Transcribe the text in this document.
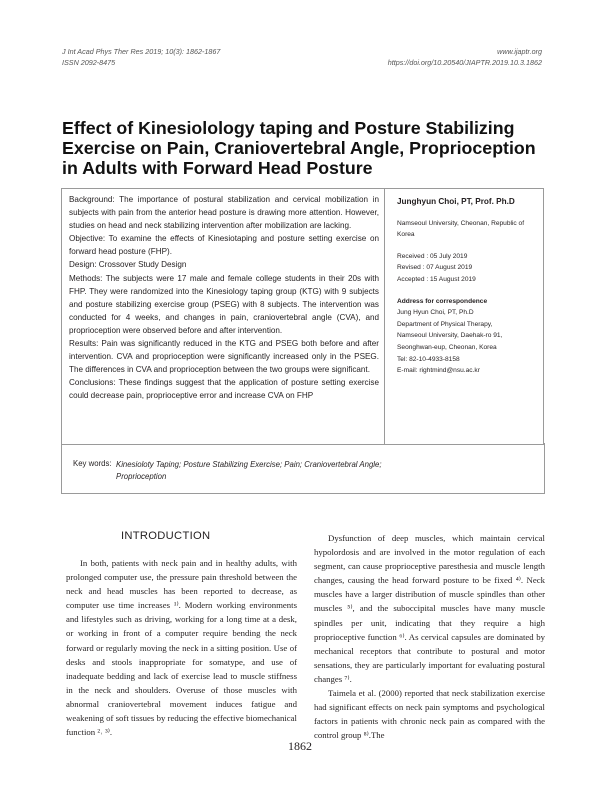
J Int Acad Phys Ther Res 2019; 10(3): 1862-1867
ISSN 2092-8475
www.ijaptr.org
https://doi.org/10.20540/JIAPTR.2019.10.3.1862
Effect of Kinesiolology taping and Posture Stabilizing Exercise on Pain, Craniovertebral Angle, Proprioception in Adults with Forward Head Posture

Background: The importance of postural stabilization and cervical mobilization in subjects with pain from the anterior head posture is drawing more attention. However, studies on head and neck stabilizing intervention after mobilization are lacking.

Objective: To examine the effects of Kinesiotaping and posture setting exercise on forward head posture (FHP).

Design: Crossover Study Design

Methods: The subjects were 17 male and female college students in their 20s with FHP. They were randomized into the Kinesiology taping group (KTG) with 9 subjects and posture stabilizing exercise group (PSEG) with 8 subjects. The intervention was conducted for 4 weeks, and changes in pain, craniovertebral angle (CVA), and proprioception were observed before and after intervention.

Results: Pain was significantly reduced in the KTG and PSEG both before and after intervention. CVA and proprioception were significantly increased only in the PSEG. The differences in CVA and proprioception between the two groups were significant.

Conclusions: These findings suggest that the application of posture setting exercise could decrease pain, proprioceptive error and increase CVA on FHP

Junghyun Choi, PT, Prof. Ph.D
Namseoul University, Cheonan, Republic of Korea
Received : 05 July 2019
Revised : 07 August 2019
Accepted : 15 August 2019
Address for correspondence
Jung Hyun Choi, PT, Ph.D
Department of Physical Therapy,
Namseoul University, Daehak-ro 91,
Seonghwan-eup, Cheonan, Korea
Tel: 82-10-4933-8158
E-mail: rightmind@nsu.ac.kr
Key words: Kinesioloty Taping; Posture Stabilizing Exercise; Pain; Craniovertebral Angle; Proprioception
INTRODUCTION

In both, patients with neck pain and in healthy adults, with prolonged computer use, the pressure pain threshold between the neck and head muscles has been reported to decrease, as computer use time increases ¹⁾. Modern working environments and lifestyles such as driving, working for a long time at a desk, or working in front of a computer require bending the neck forward or regularly moving the neck in a sitting position. Use of desks and stools inappropriate for somatype, and use of inadequate bedding and lack of exercise lead to muscle stiffness in the neck and shoulders. Overuse of those muscles with abnormal craniovertebral movement induces fatigue and weakening of soft tissues by reducing the effective biomechanical function ²˒ ³⁾.

Dysfunction of deep muscles, which maintain cervical hypolordosis and are involved in the motor regulation of each segment, can cause proprioceptive paresthesia and muscle length changes, causing the head forward posture to be fixed ⁴⁾. Neck muscles have a larger distribution of muscle spindles than other muscles ⁵⁾, and the suboccipital muscles have many muscle spindles per unit, indicating that they require a high proprioceptive function ⁶⁾. As cervical capsules are dominated by mechanical receptors that contribute to postural and motor sensations, they are particularly important for evaluating postural changes ⁷⁾.

Taimela et al. (2000) reported that neck stabilization exercise had significant effects on neck pain symptoms and psychological factors in patients with chronic neck pain as compared with the control group ⁸⁾.The

1862
